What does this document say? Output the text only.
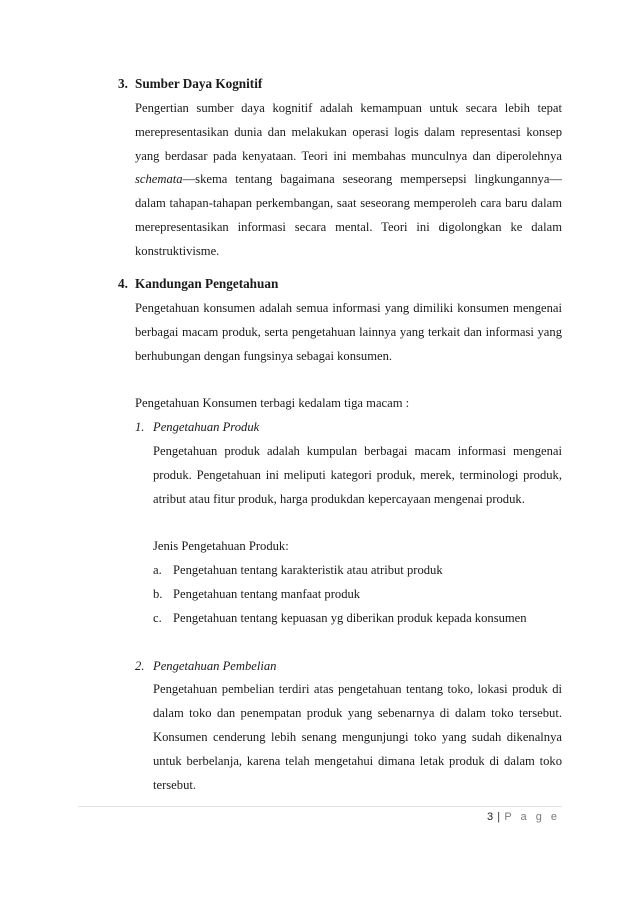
3. Sumber Daya Kognitif

Pengertian sumber daya kognitif adalah kemampuan untuk secara lebih tepat merepresentasikan dunia dan melakukan operasi logis dalam representasi konsep yang berdasar pada kenyataan. Teori ini membahas munculnya dan diperolehnya schemata—skema tentang bagaimana seseorang mempersepsi lingkungannya—dalam tahapan-tahapan perkembangan, saat seseorang memperoleh cara baru dalam merepresentasikan informasi secara mental. Teori ini digolongkan ke dalam konstruktivisme.

4. Kandungan Pengetahuan

Pengetahuan konsumen adalah semua informasi yang dimiliki konsumen mengenai berbagai macam produk, serta pengetahuan lainnya yang terkait dan informasi yang berhubungan dengan fungsinya sebagai konsumen.

Pengetahuan Konsumen terbagi kedalam tiga macam :

1. Pengetahuan Produk

Pengetahuan produk adalah kumpulan berbagai macam informasi mengenai produk. Pengetahuan ini meliputi kategori produk, merek, terminologi produk, atribut atau fitur produk, harga produkdan kepercayaan mengenai produk.

Jenis Pengetahuan Produk:

a. Pengetahuan tentang karakteristik atau atribut produk

b. Pengetahuan tentang manfaat produk

c. Pengetahuan tentang kepuasan yg diberikan produk kepada konsumen

2. Pengetahuan Pembelian

Pengetahuan pembelian terdiri atas pengetahuan tentang toko, lokasi produk di dalam toko dan penempatan produk yang sebenarnya di dalam toko tersebut. Konsumen cenderung lebih senang mengunjungi toko yang sudah dikenalnya untuk berbelanja, karena telah mengetahui dimana letak produk di dalam toko tersebut.

3 | P a g e
